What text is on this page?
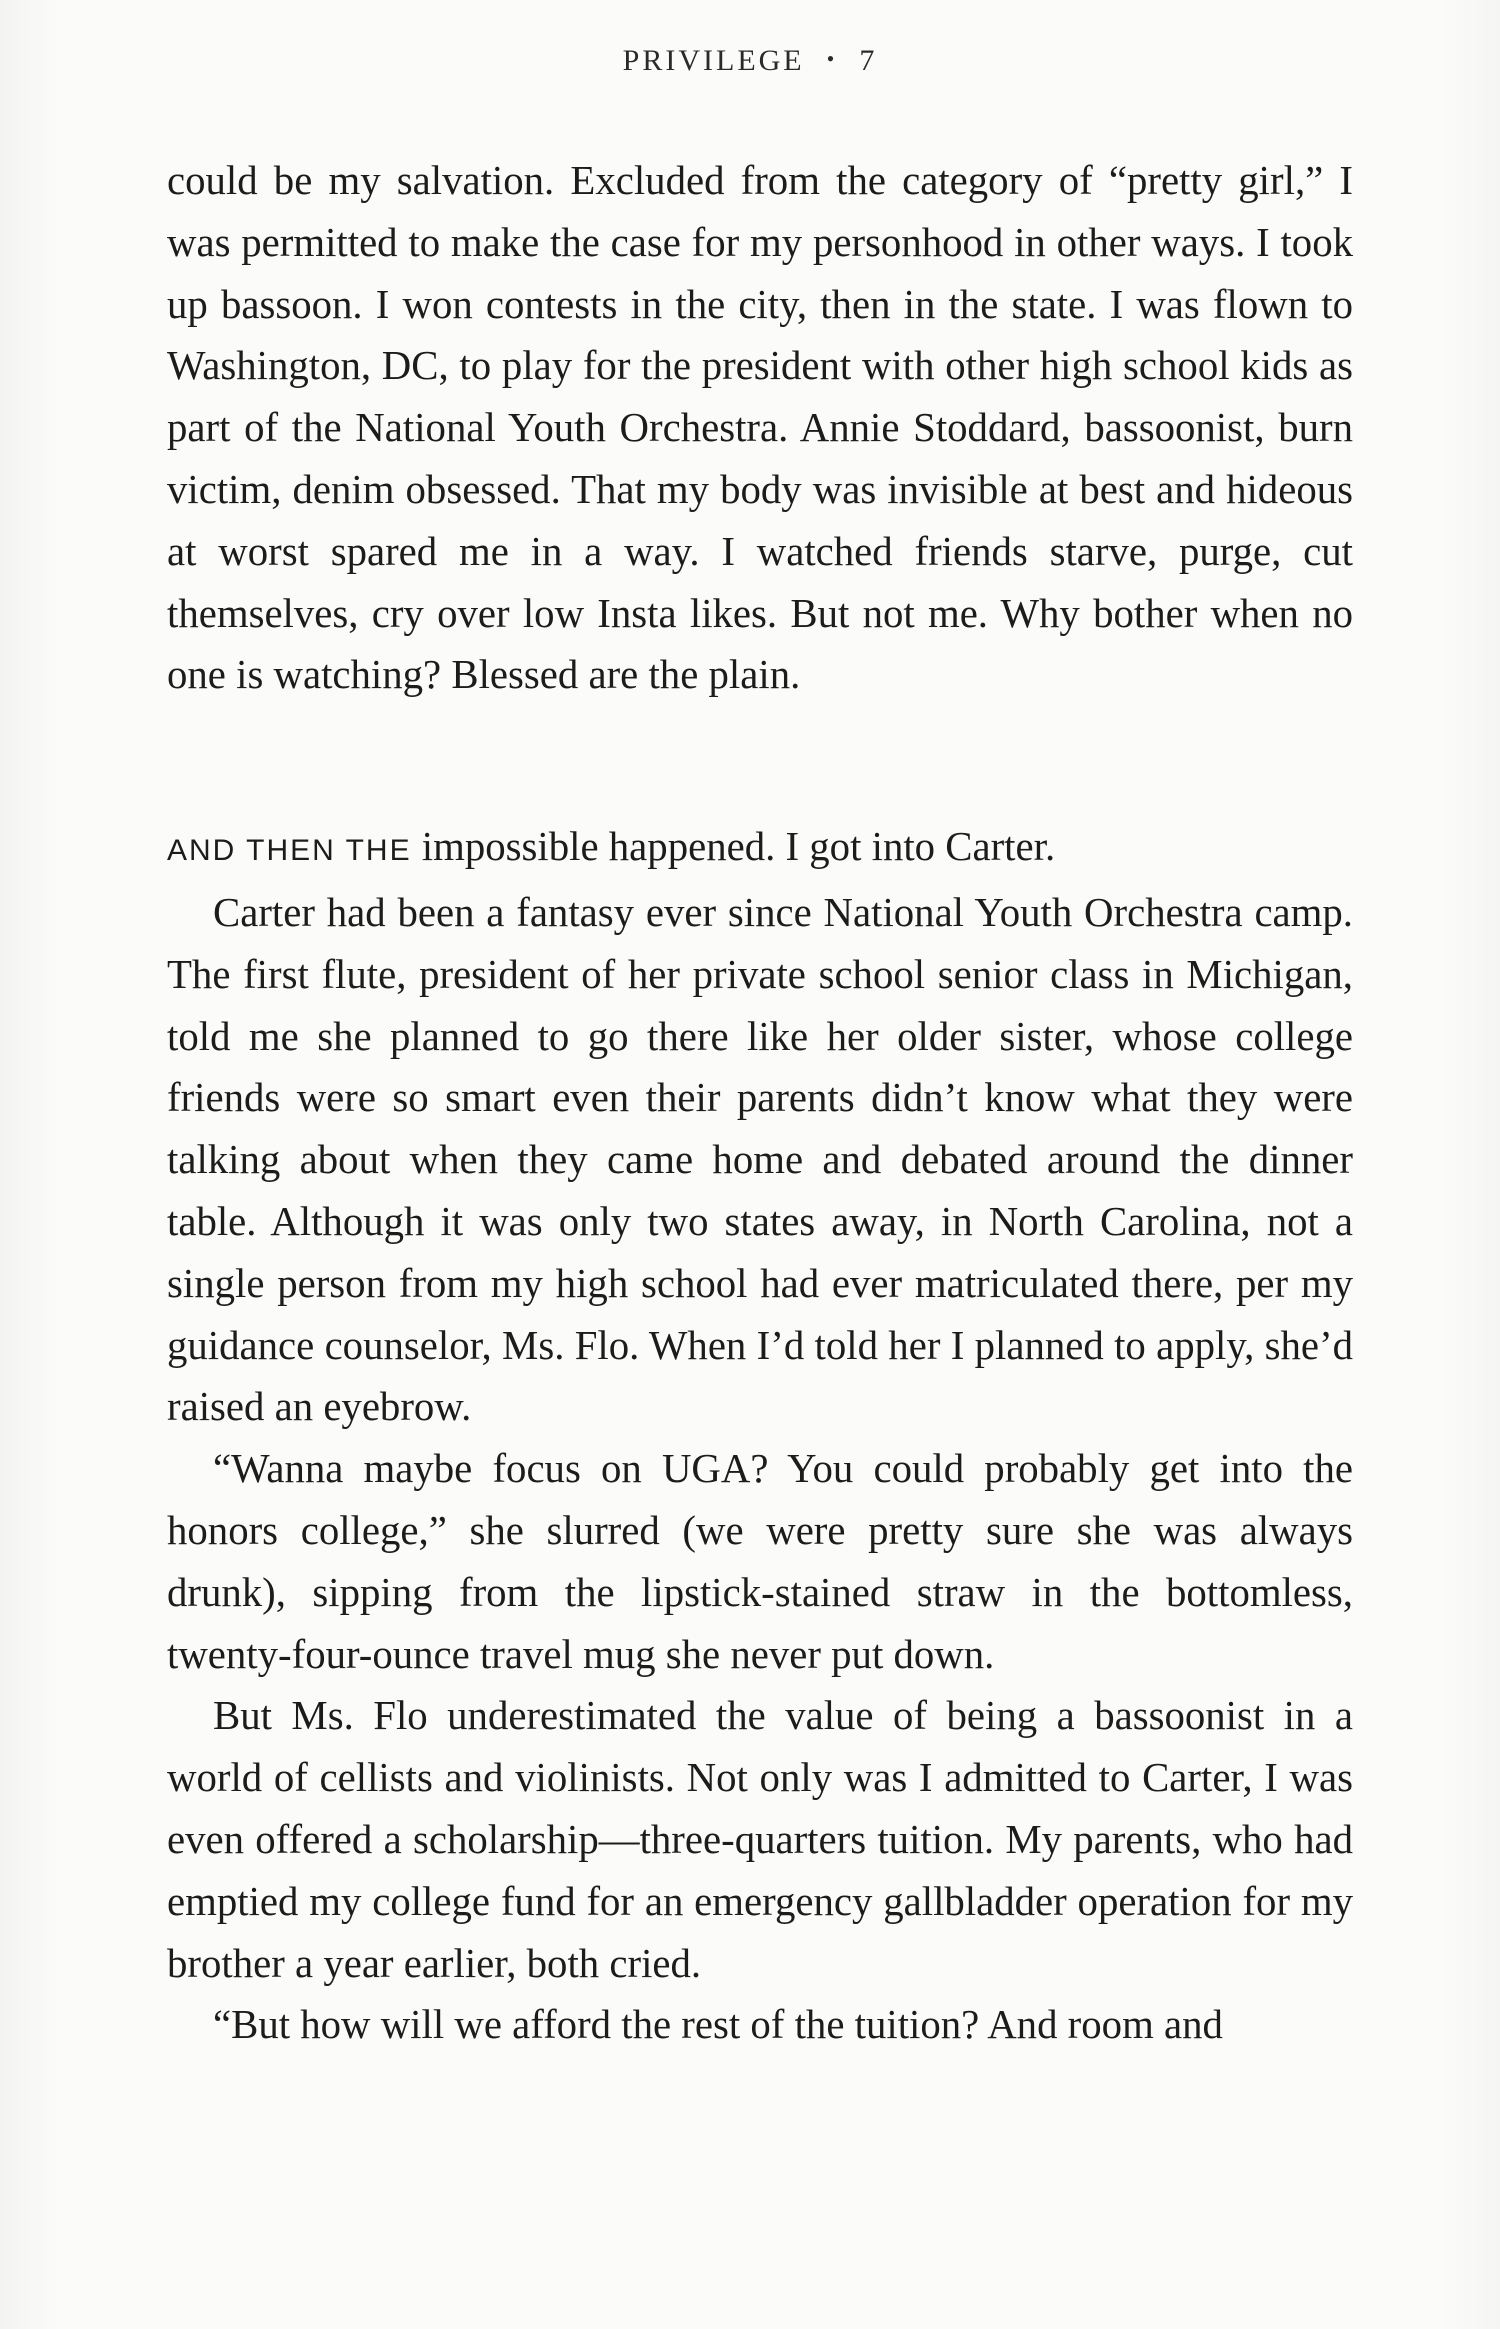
PRIVILEGE • 7

could be my salvation. Excluded from the category of “pretty girl,” I was permitted to make the case for my personhood in other ways. I took up bassoon. I won contests in the city, then in the state. I was flown to Washington, DC, to play for the president with other high school kids as part of the National Youth Orchestra. Annie Stoddard, bassoonist, burn victim, denim obsessed. That my body was invisible at best and hideous at worst spared me in a way. I watched friends starve, purge, cut themselves, cry over low Insta likes. But not me. Why bother when no one is watching? Blessed are the plain.

AND THEN THE impossible happened. I got into Carter.

Carter had been a fantasy ever since National Youth Orchestra camp. The first flute, president of her private school senior class in Michigan, told me she planned to go there like her older sister, whose college friends were so smart even their parents didn’t know what they were talking about when they came home and debated around the dinner table. Although it was only two states away, in North Carolina, not a single person from my high school had ever matriculated there, per my guidance counselor, Ms. Flo. When I’d told her I planned to apply, she’d raised an eyebrow.

“Wanna maybe focus on UGA? You could probably get into the honors college,” she slurred (we were pretty sure she was always drunk), sipping from the lipstick-stained straw in the bottomless, twenty-four-ounce travel mug she never put down.

But Ms. Flo underestimated the value of being a bassoonist in a world of cellists and violinists. Not only was I admitted to Carter, I was even offered a scholarship—three-quarters tuition. My parents, who had emptied my college fund for an emergency gallbladder operation for my brother a year earlier, both cried.

“But how will we afford the rest of the tuition? And room and
